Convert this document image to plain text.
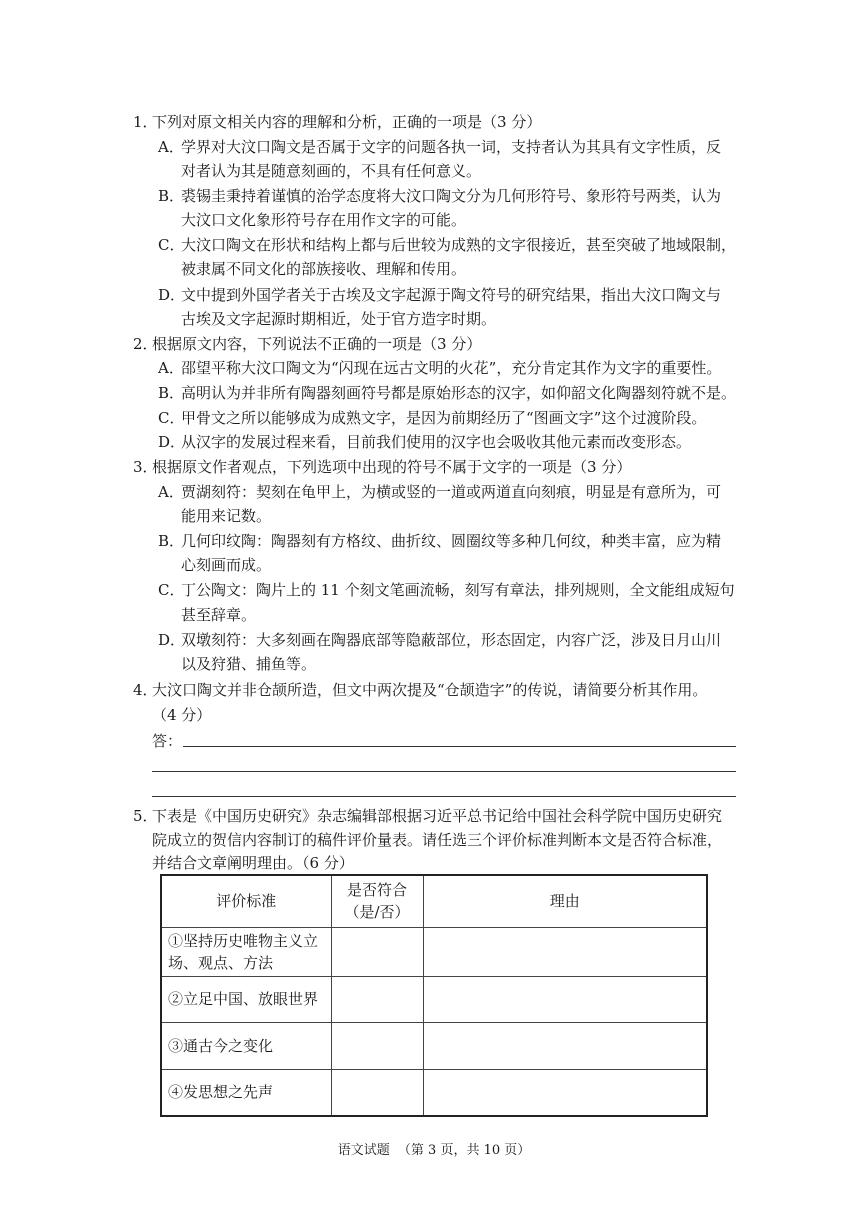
1．
下列对原文相关内容的理解和分析，正确的一项是（3 分）
A．
学界对大汶口陶文是否属于文字的问题各执一词，支持者认为其具有文字性质，反
对者认为其是随意刻画的，不具有任何意义。
B．
裘锡圭秉持着谨慎的治学态度将大汶口陶文分为几何形符号、象形符号两类，认为
大汶口文化象形符号存在用作文字的可能。
C．
大汶口陶文在形状和结构上都与后世较为成熟的文字很接近，甚至突破了地域限制，
被隶属不同文化的部族接收、理解和传用。
D．
文中提到外国学者关于古埃及文字起源于陶文符号的研究结果，指出大汶口陶文与
古埃及文字起源时期相近，处于官方造字时期。
2．
根据原文内容，下列说法不正确的一项是（3 分）
A．
邵望平称大汶口陶文为“闪现在远古文明的火花”，充分肯定其作为文字的重要性。
B．
高明认为并非所有陶器刻画符号都是原始形态的汉字，如仰韶文化陶器刻符就不是。
C．
甲骨文之所以能够成为成熟文字，是因为前期经历了“图画文字”这个过渡阶段。
D．
从汉字的发展过程来看，目前我们使用的汉字也会吸收其他元素而改变形态。
3．
根据原文作者观点，下列选项中出现的符号不属于文字的一项是（3 分）
A．
贾湖刻符：契刻在龟甲上，为横或竖的一道或两道直向刻痕，明显是有意所为，可
能用来记数。
B．
几何印纹陶：陶器刻有方格纹、曲折纹、圆圈纹等多种几何纹，种类丰富，应为精
心刻画而成。
C．
丁公陶文：陶片上的 11 个刻文笔画流畅，刻写有章法，排列规则，全文能组成短句
甚至辞章。
D．
双墩刻符：大多刻画在陶器底部等隐蔽部位，形态固定，内容广泛，涉及日月山川
以及狩猎、捕鱼等。
4．
大汶口陶文并非仓颉所造，但文中两次提及“仓颉造字”的传说，请简要分析其作用。
（4 分）
答：
5．
下表是《中国历史研究》杂志编辑部根据习近平总书记给中国社会科学院中国历史研究
院成立的贺信内容制订的稿件评价量表。请任选三个评价标准判断本文是否符合标准，
并结合文章阐明理由。（6 分）
评价标准	是否符合
（是/否）	理由

①坚持历史唯物主义立
场、观点、方法		

②立足中国、放眼世界		
③通古今之变化		
④发思想之先声		
语文试题 （第 3 页，共 10 页）
